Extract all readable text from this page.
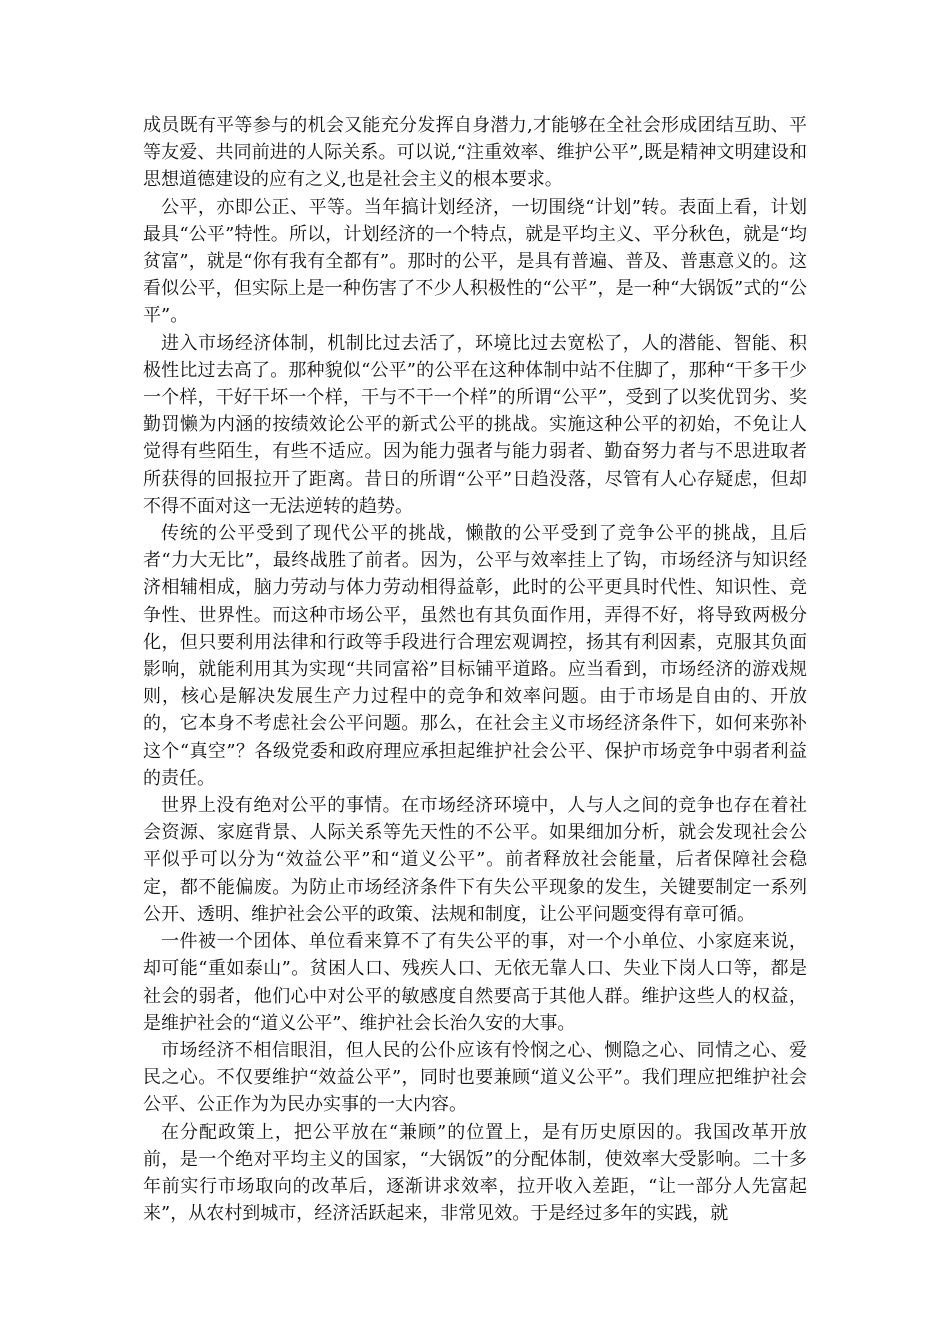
成员既有平等参与的机会又能充分发挥自身潜力,才能够在全社会形成团结互助、平等友爱、共同前进的人际关系。可以说,“注重效率、维护公平”,既是精神文明建设和思想道德建设的应有之义,也是社会主义的根本要求。

公平，亦即公正、平等。当年搞计划经济，一切围绕“计划”转。表面上看，计划最具“公平”特性。所以，计划经济的一个特点，就是平均主义、平分秋色，就是“均贫富”，就是“你有我有全都有”。那时的公平，是具有普遍、普及、普惠意义的。这看似公平，但实际上是一种伤害了不少人积极性的“公平”，是一种“大锅饭”式的“公平”。

进入市场经济体制，机制比过去活了，环境比过去宽松了，人的潜能、智能、积极性比过去高了。那种貌似“公平”的公平在这种体制中站不住脚了，那种“干多干少一个样，干好干坏一个样，干与不干一个样”的所谓“公平”，受到了以奖优罚劣、奖勤罚懒为内涵的按绩效论公平的新式公平的挑战。实施这种公平的初始，不免让人觉得有些陌生，有些不适应。因为能力强者与能力弱者、勤奋努力者与不思进取者所获得的回报拉开了距离。昔日的所谓“公平”日趋没落，尽管有人心存疑虑，但却不得不面对这一无法逆转的趋势。

传统的公平受到了现代公平的挑战，懒散的公平受到了竞争公平的挑战，且后者“力大无比”，最终战胜了前者。因为，公平与效率挂上了钩，市场经济与知识经济相辅相成，脑力劳动与体力劳动相得益彰，此时的公平更具时代性、知识性、竞争性、世界性。而这种市场公平，虽然也有其负面作用，弄得不好，将导致两极分化，但只要利用法律和行政等手段进行合理宏观调控，扬其有利因素，克服其负面影响，就能利用其为实现“共同富裕”目标铺平道路。应当看到，市场经济的游戏规则，核心是解决发展生产力过程中的竞争和效率问题。由于市场是自由的、开放的，它本身不考虑社会公平问题。那么，在社会主义市场经济条件下，如何来弥补这个“真空”？各级党委和政府理应承担起维护社会公平、保护市场竞争中弱者利益的责任。

世界上没有绝对公平的事情。在市场经济环境中，人与人之间的竞争也存在着社会资源、家庭背景、人际关系等先天性的不公平。如果细加分析，就会发现社会公平似乎可以分为“效益公平”和“道义公平”。前者释放社会能量，后者保障社会稳定，都不能偏废。为防止市场经济条件下有失公平现象的发生，关键要制定一系列公开、透明、维护社会公平的政策、法规和制度，让公平问题变得有章可循。

一件被一个团体、单位看来算不了有失公平的事，对一个小单位、小家庭来说，却可能“重如泰山”。贫困人口、残疾人口、无依无靠人口、失业下岗人口等，都是社会的弱者，他们心中对公平的敏感度自然要高于其他人群。维护这些人的权益，是维护社会的“道义公平”、维护社会长治久安的大事。

市场经济不相信眼泪，但人民的公仆应该有怜悯之心、恻隐之心、同情之心、爱民之心。不仅要维护“效益公平”，同时也要兼顾“道义公平”。我们理应把维护社会公平、公正作为为民办实事的一大内容。

在分配政策上，把公平放在“兼顾”的位置上，是有历史原因的。我国改革开放前，是一个绝对平均主义的国家，“大锅饭”的分配体制，使效率大受影响。二十多年前实行市场取向的改革后，逐渐讲求效率，拉开收入差距，“让一部分人先富起来”，从农村到城市，经济活跃起来，非常见效。于是经过多年的实践，就
